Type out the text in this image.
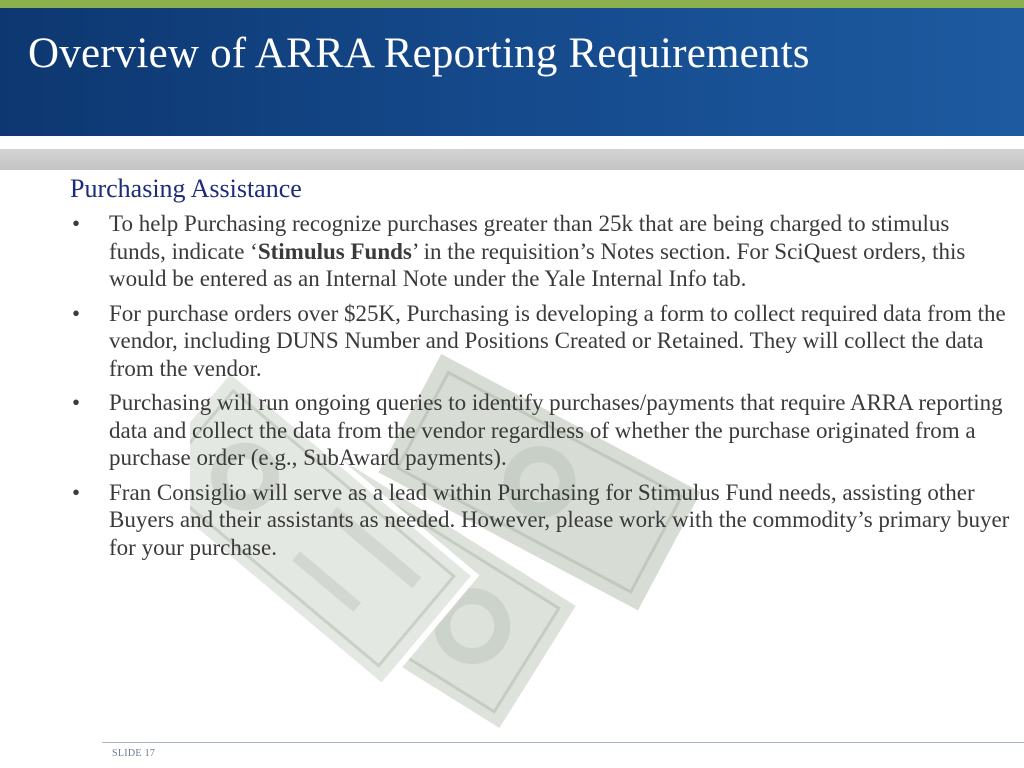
Overview of ARRA Reporting Requirements
Purchasing Assistance
• To help Purchasing recognize purchases greater than 25k that are being charged to stimulus funds, indicate ‘Stimulus Funds’ in the requisition’s Notes section. For SciQuest orders, this would be entered as an Internal Note under the Yale Internal Info tab.
• For purchase orders over $25K, Purchasing is developing a form to collect required data from the vendor, including DUNS Number and Positions Created or Retained. They will collect the data from the vendor.
• Purchasing will run ongoing queries to identify purchases/payments that require ARRA reporting data and collect the data from the vendor regardless of whether the purchase originated from a purchase order (e.g., SubAward payments).
• Fran Consiglio will serve as a lead within Purchasing for Stimulus Fund needs, assisting other Buyers and their assistants as needed. However, please work with the commodity’s primary buyer for your purchase.
SLIDE 17
